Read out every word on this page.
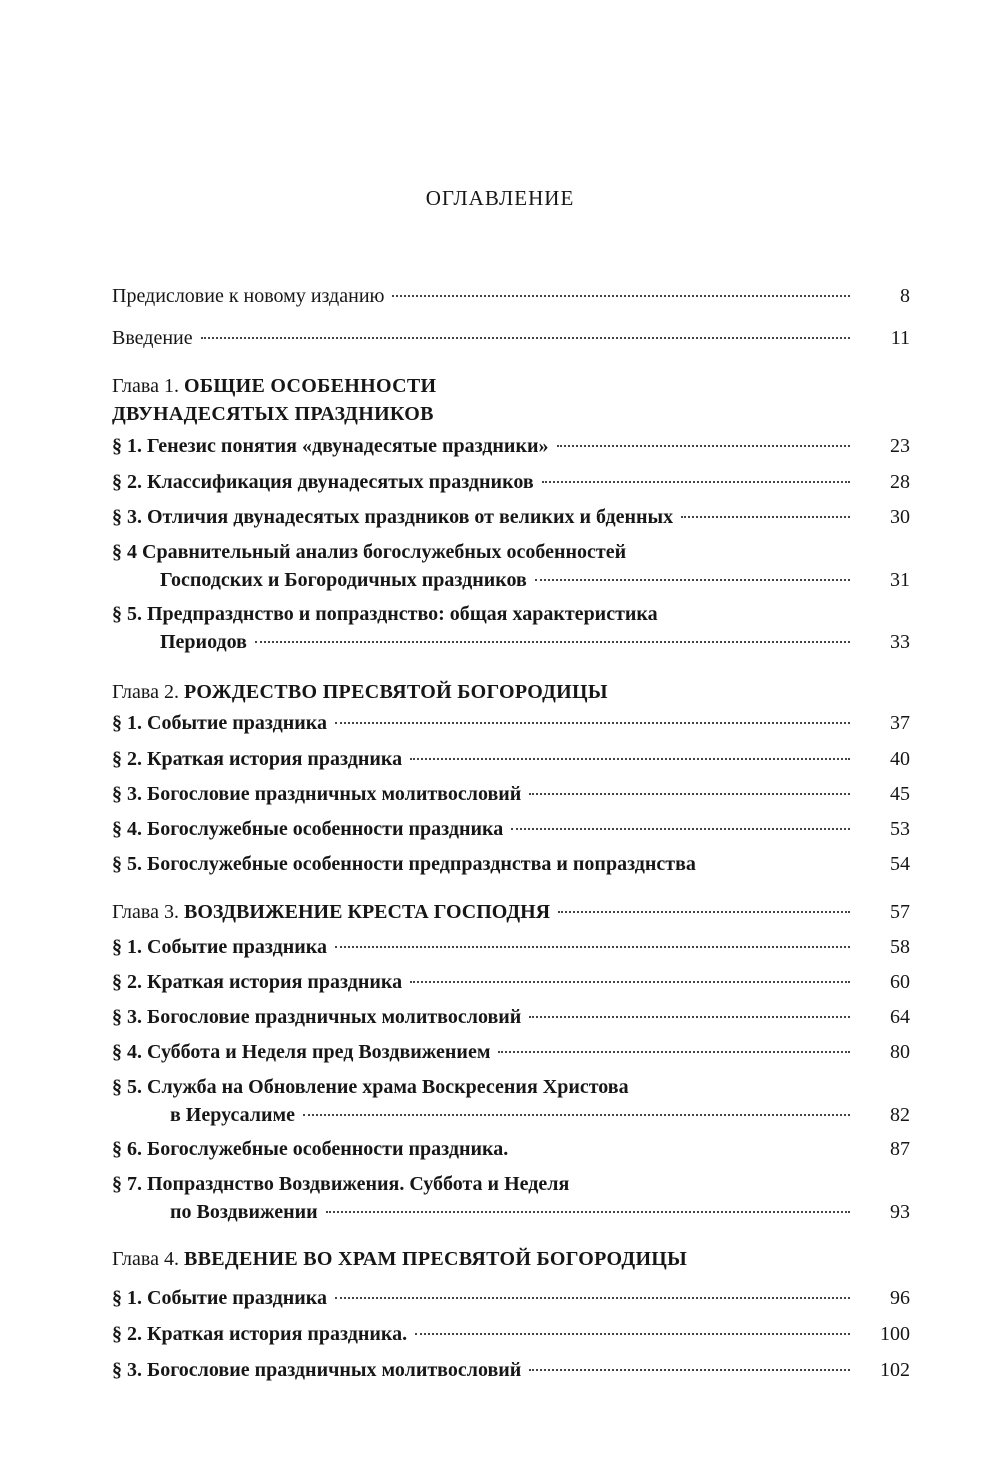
ОГЛАВЛЕНИЕ
Предисловие к новому изданию	8
Введение	11
Глава 1. ОБЩИЕ ОСОБЕННОСТИ
ДВУНАДЕСЯТЫХ ПРАЗДНИКОВ
§ 1. Генезис понятия «двунадесятые праздники»	23
§ 2. Классификация двунадесятых праздников	28
§ 3. Отличия двунадесятых праздников от великих и бденных	30
§ 4 Сравнительный анализ богослужебных особенностей
Господских и Богородичных праздников	31
§ 5. Предпразднство и попразднство: общая характеристика
Периодов	33
Глава 2. РОЖДЕСТВО ПРЕСВЯТОЙ БОГОРОДИЦЫ
§ 1. Событие праздника	37
§ 2. Краткая история праздника	40
§ 3. Богословие праздничных молитвословий	45
§ 4. Богослужебные особенности праздника	53
§ 5. Богослужебные особенности предпразднства и попразднства	54
Глава 3. ВОЗДВИЖЕНИЕ КРЕСТА ГОСПОДНЯ	57
§ 1. Событие праздника	58
§ 2. Краткая история праздника	60
§ 3. Богословие праздничных молитвословий	64
§ 4. Суббота и Неделя пред Воздвижением	80
§ 5. Служба на Обновление храма Воскресения Христова
в Иерусалиме	82
§ 6. Богослужебные особенности праздника.	87
§ 7. Попразднство Воздвижения. Суббота и Неделя
по Воздвижении	93
Глава 4. ВВЕДЕНИЕ ВО ХРАМ ПРЕСВЯТОЙ БОГОРОДИЦЫ
§ 1. Событие праздника	96
§ 2. Краткая история праздника.	100
§ 3. Богословие праздничных молитвословий	102
